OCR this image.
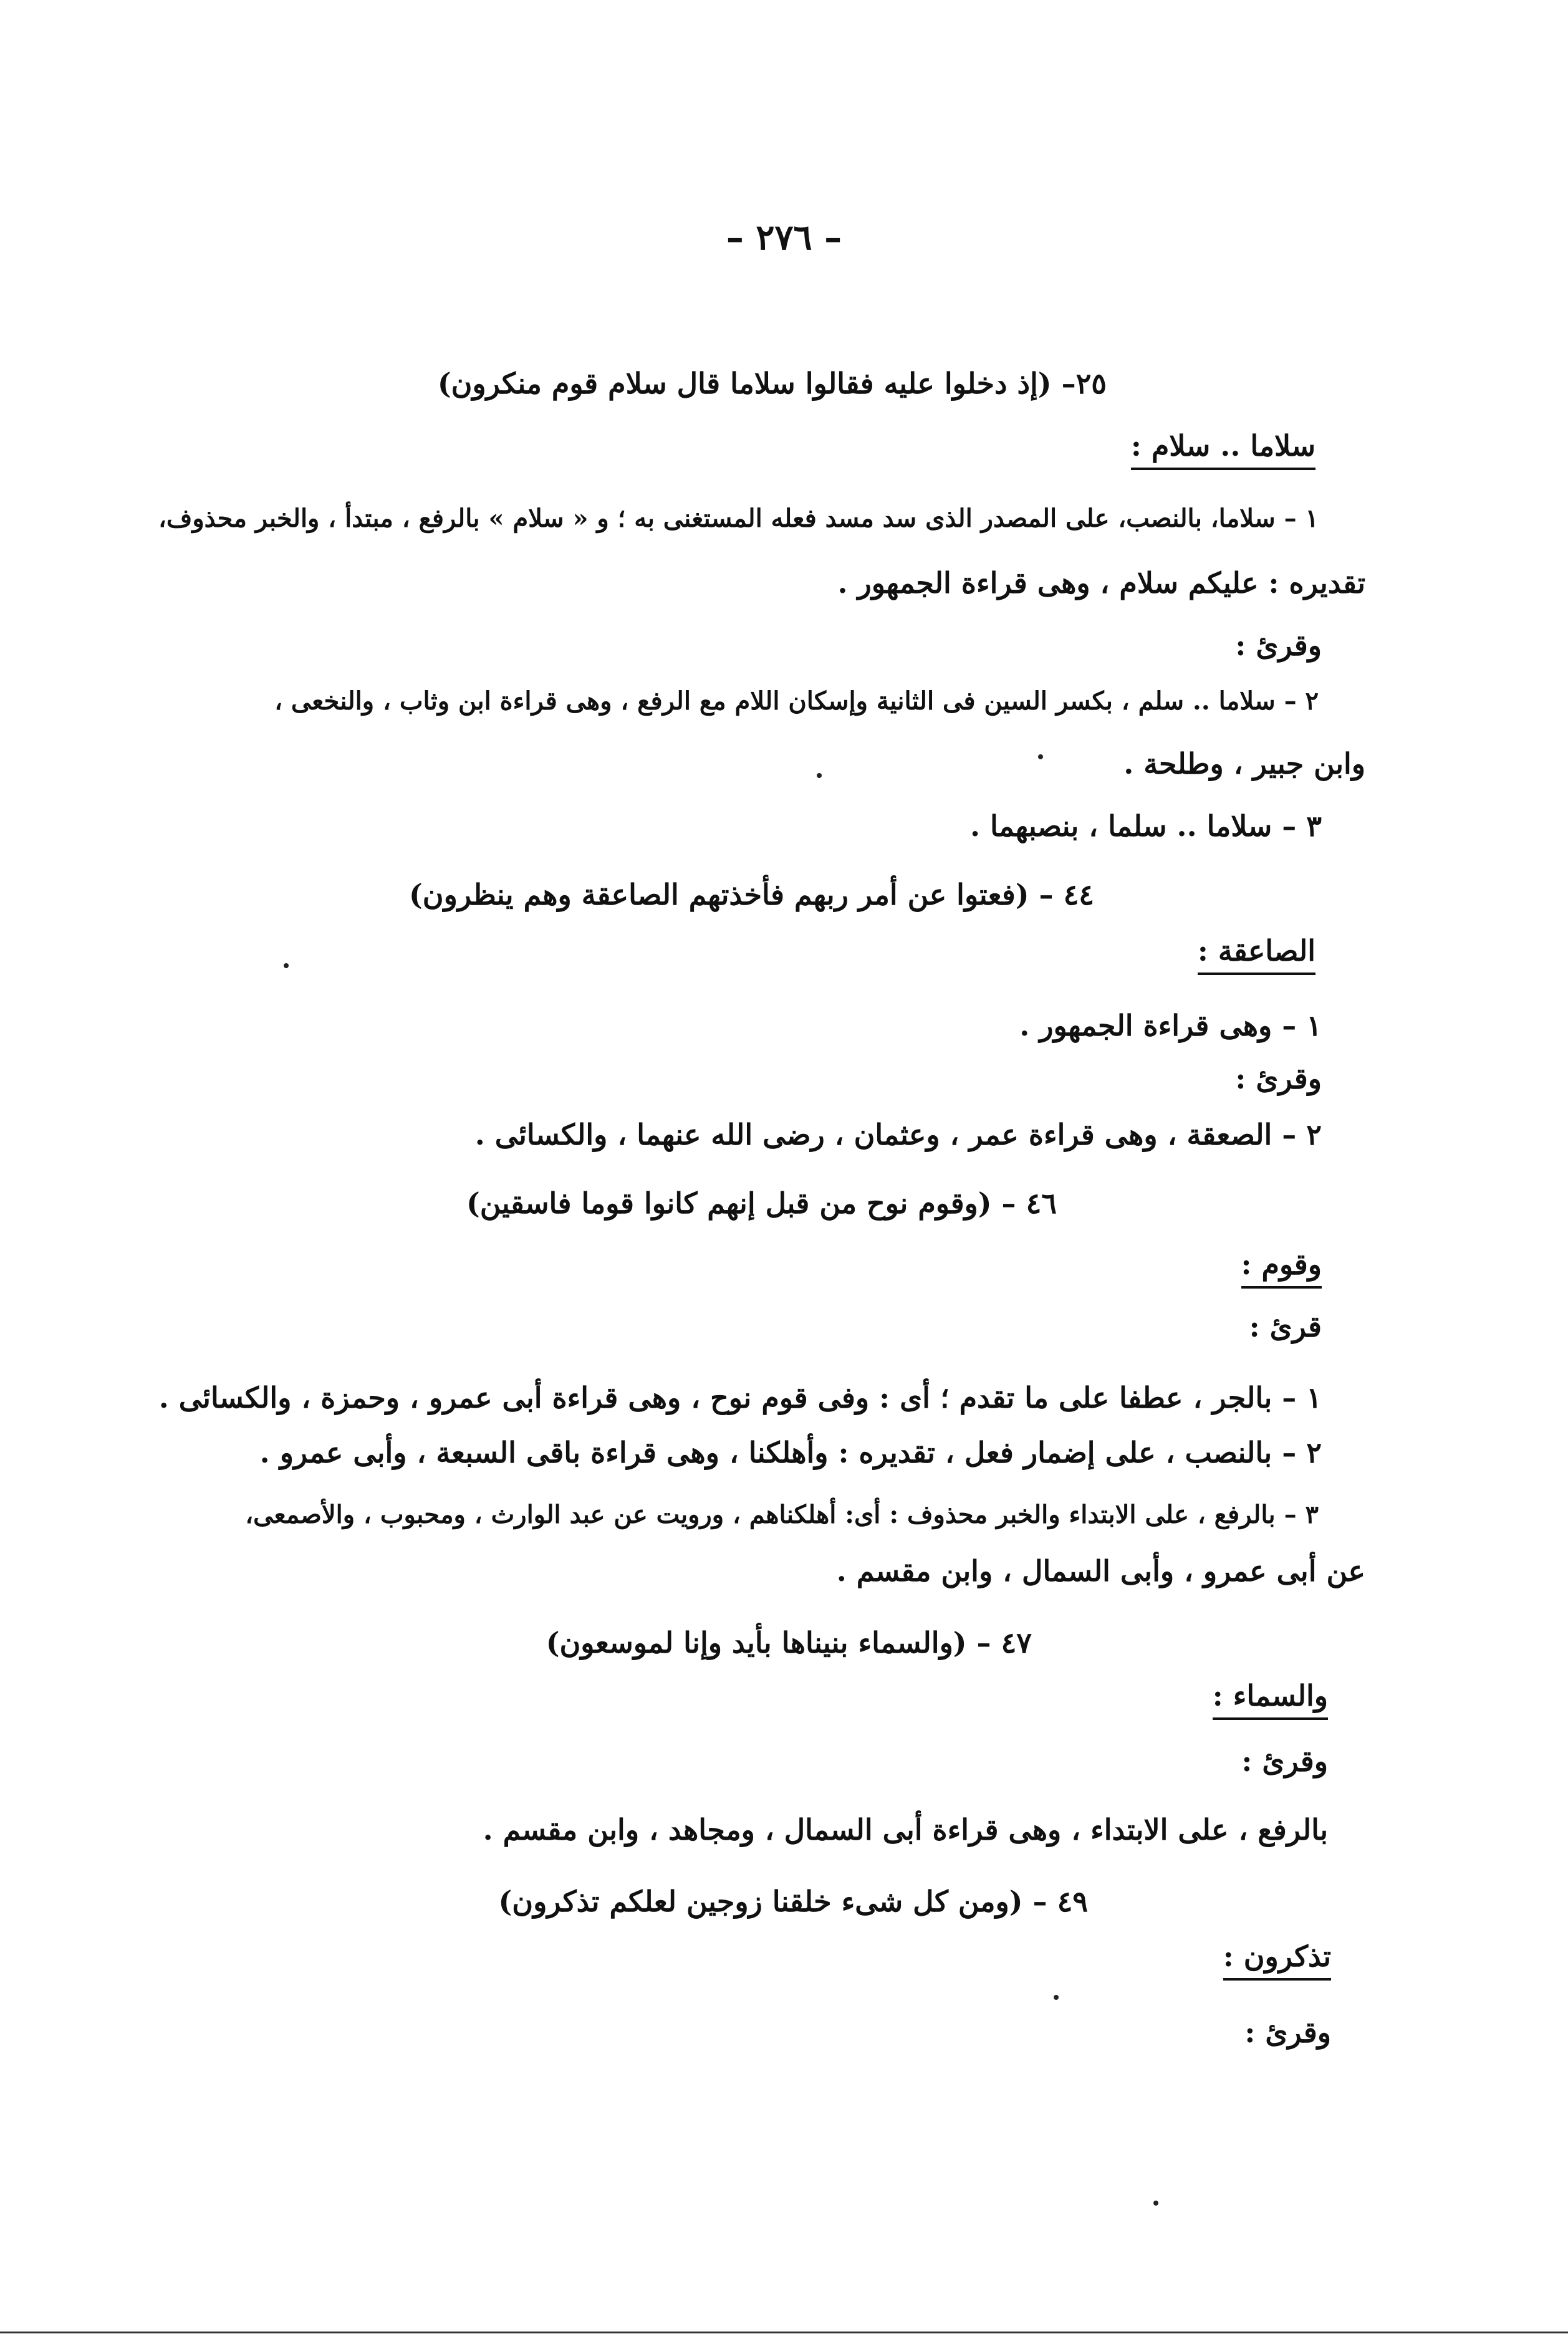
– ٢٧٦ –
٢٥– (إذ دخلوا عليه فقالوا سلاما قال سلام قوم منكرون)
سلاما .. سلام :
١ – سلاما، بالنصب، على المصدر الذى سد مسد فعله المستغنى به ؛ و « سلام » بالرفع ، مبتدأ ، والخبر محذوف،
تقديره : عليكم سلام ، وهى قراءة الجمهور .
وقرئ :
٢ – سلاما .. سلم ، بكسر السين فى الثانية وإسكان اللام مع الرفع ، وهى قراءة ابن وثاب ، والنخعى ،
وابن جبير ، وطلحة .
٣ – سلاما .. سلما ، بنصبهما .
٤٤ – (فعتوا عن أمر ربهم فأخذتهم الصاعقة وهم ينظرون)
الصاعقة :
١ – وهى قراءة الجمهور .
وقرئ :
٢ – الصعقة ، وهى قراءة عمر ، وعثمان ، رضى الله عنهما ، والكسائى .
٤٦ – (وقوم نوح من قبل إنهم كانوا قوما فاسقين)
وقوم :
قرئ :
١ – بالجر ، عطفا على ما تقدم ؛ أى : وفى قوم نوح ، وهى قراءة أبى عمرو ، وحمزة ، والكسائى .
٢ – بالنصب ، على إضمار فعل ، تقديره : وأهلكنا ، وهى قراءة باقى السبعة ، وأبى عمرو .
٣ – بالرفع ، على الابتداء والخبر محذوف : أى: أهلكناهم ، ورويت عن عبد الوارث ، ومحبوب ، والأصمعى،
عن أبى عمرو ، وأبى السمال ، وابن مقسم .
٤٧ – (والسماء بنيناها بأيد وإنا لموسعون)
والسماء :
وقرئ :
بالرفع ، على الابتداء ، وهى قراءة أبى السمال ، ومجاهد ، وابن مقسم .
٤٩ – (ومن كل شىء خلقنا زوجين لعلكم تذكرون)
تذكرون :
وقرئ :
